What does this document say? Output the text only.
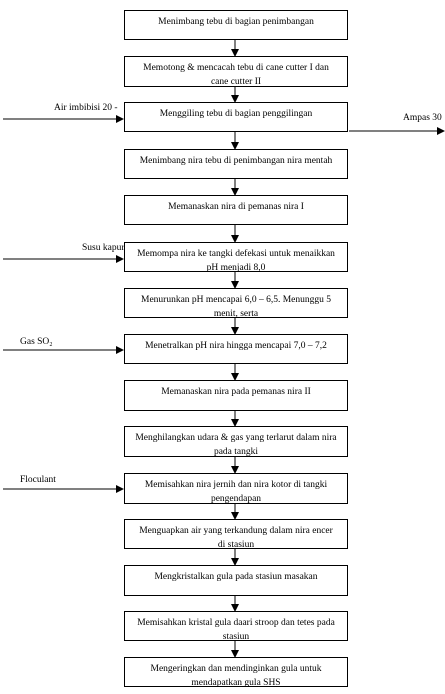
Menimbang tebu di bagian penimbangan
Memotong & mencacah tebu di cane cutter I dan cane cutter II
Menggiling tebu di bagian penggilingan
Menimbang nira tebu di penimbangan nira mentah
Memanaskan nira di pemanas nira I
Memompa nira ke tangki defekasi untuk menaikkan pH menjadi 8,0
Menurunkan pH mencapai 6,0 – 6,5. Menunggu 5 menit, serta
Menetralkan pH nira hingga mencapai 7,0 – 7,2
Memanaskan nira pada pemanas nira II
Menghilangkan udara & gas yang terlarut dalam nira pada tangki
Memisahkan nira jernih dan nira kotor di tangki pengendapan
Menguapkan air yang terkandung dalam nira encer di stasiun
Mengkristalkan gula pada stasiun masakan
Memisahkan kristal gula daari stroop dan tetes pada stasiun
Mengeringkan dan mendinginkan gula untuk mendapatkan gula SHS
Air imbibisi 20 -
Susu kapur
Gas SO₂
Floculant
Ampas 30
